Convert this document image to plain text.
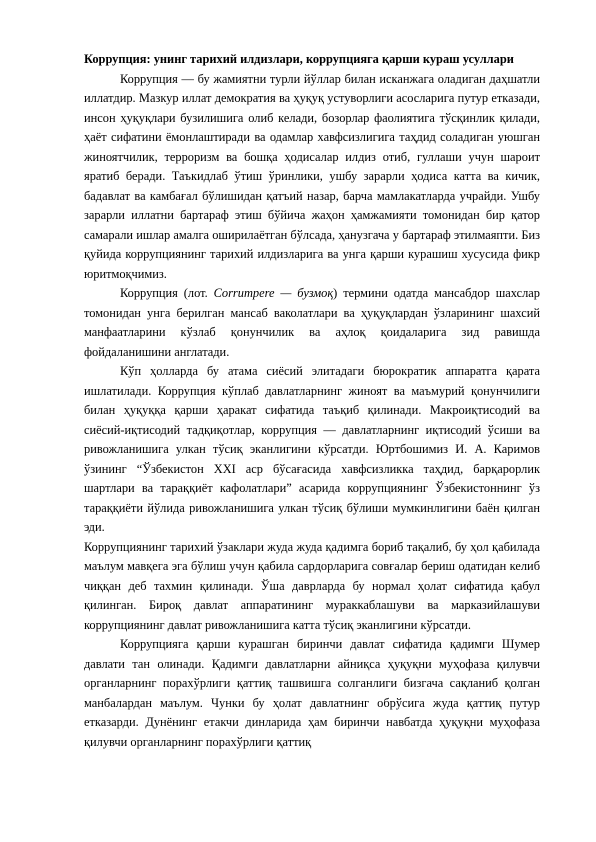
Коррупция: унинг тарихий илдизлари, коррупцияга қарши кураш усуллари

Коррупция — бу жамиятни турли йўллар билан исканжага оладиган даҳшатли иллатдир. Мазкур иллат демократия ва ҳуқуқ устуворлиги асосларига путур етказади, инсон ҳуқуқлари бузилишига олиб келади, бозорлар фаолиятига тўсқинлик қилади, ҳаёт сифатини ёмонлаштиради ва одамлар хавфсизлигига таҳдид соладиган уюшган жиноятчилик, терроризм ва бошқа ҳодисалар илдиз отиб, гуллаши учун шароит яратиб беради. Таъкидлаб ўтиш ўринлики, ушбу зарарли ҳодиса катта ва кичик, бадавлат ва камбағал бўлишидан қатъий назар, барча мамлакатларда учрайди. Ушбу зарарли иллатни бартараф этиш бўйича жаҳон ҳамжамияти томонидан бир қатор самарали ишлар амалга оширилаётган бўлсада, ҳанузгача у бартараф этилмаяпти. Биз қуйида коррупциянинг тарихий илдизларига ва унга қарши курашиш хусусида фикр юритмоқчимиз.

Коррупция (лот. Corrumpere — бузмоқ) термини одатда мансабдор шахслар томонидан унга берилган мансаб ваколатлари ва ҳуқуқлардан ўзларининг шахсий манфаатларини кўзлаб қонунчилик ва аҳлоқ қоидаларига зид равишда фойдаланишини англатади.

Кўп ҳолларда бу атама сиёсий элитадаги бюрократик аппаратга қарата ишлатилади. Коррупция кўплаб давлатларнинг жиноят ва маъмурий қонунчилиги билан ҳуқуққа қарши ҳаракат сифатида таъқиб қилинади. Макроиқтисодий ва сиёсий-иқтисодий тадқиқотлар, коррупция — давлатларнинг иқтисодий ўсиши ва ривожланишига улкан тўсиқ эканлигини кўрсатди. Юртбошимиз И. А. Каримов ўзининг “Ўзбекистон XXI аср бўсағасида хавфсизликка таҳдид, барқарорлик шартлари ва тараққиёт кафолатлари” асарида коррупциянинг Ўзбекистоннинг ўз тараққиёти йўлида ривожланишига улкан тўсиқ бўлиши мумкинлигини баён қилган эди.

Коррупциянинг тарихий ўзаклари жуда жуда қадимга бориб тақалиб, бу ҳол қабилада маълум мавқега эга бўлиш учун қабила сардорларига совғалар бериш одатидан келиб чиққан деб тахмин қилинади. Ўша даврларда бу нормал ҳолат сифатида қабул қилинган. Бироқ давлат аппаратининг мураккаблашуви ва марказийлашуви коррупциянинг давлат ривожланишига катта тўсиқ эканлигини кўрсатди.

Коррупцияга қарши курашган биринчи давлат сифатида қадимги Шумер давлати тан олинади. Қадимги давлатларни айниқса ҳуқуқни муҳофаза қилувчи органларнинг порахўрлиги қаттиқ ташвишга солганлиги бизгача сақланиб қолган манбалардан маълум. Чунки бу ҳолат давлатнинг обрўсига жуда қаттиқ путур етказарди. Дунёнинг етакчи динларида ҳам биринчи навбатда ҳуқуқни муҳофаза қилувчи органларнинг порахўрлиги қаттиқ
